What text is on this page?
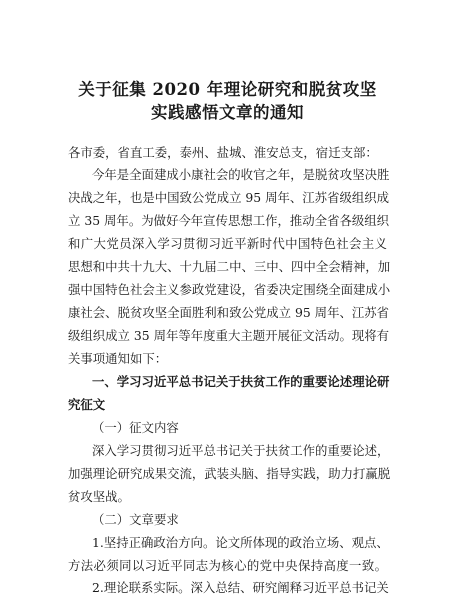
关于征集 2020 年理论研究和脱贫攻坚
实践感悟文章的通知
各市委，省直工委，泰州、盐城、淮安总支，宿迁支部：
今年是全面建成小康社会的收官之年，是脱贫攻坚决胜
决战之年，也是中国致公党成立 95 周年、江苏省级组织成
立 35 周年。为做好今年宣传思想工作，推动全省各级组织
和广大党员深入学习贯彻习近平新时代中国特色社会主义
思想和中共十九大、十九届二中、三中、四中全会精神，加
强中国特色社会主义参政党建设，省委决定围绕全面建成小
康社会、脱贫攻坚全面胜利和致公党成立 95 周年、江苏省
级组织成立 35 周年等年度重大主题开展征文活动。现将有
关事项通知如下：
一、学习习近平总书记关于扶贫工作的重要论述理论研
究征文
（一）征文内容
深入学习贯彻习近平总书记关于扶贫工作的重要论述，
加强理论研究成果交流，武装头脑、指导实践，助力打赢脱
贫攻坚战。
（二）文章要求
1.坚持正确政治方向。论文所体现的政治立场、观点、
方法必须同以习近平同志为核心的党中央保持高度一致。
2.理论联系实际。深入总结、研究阐释习近平总书记关
